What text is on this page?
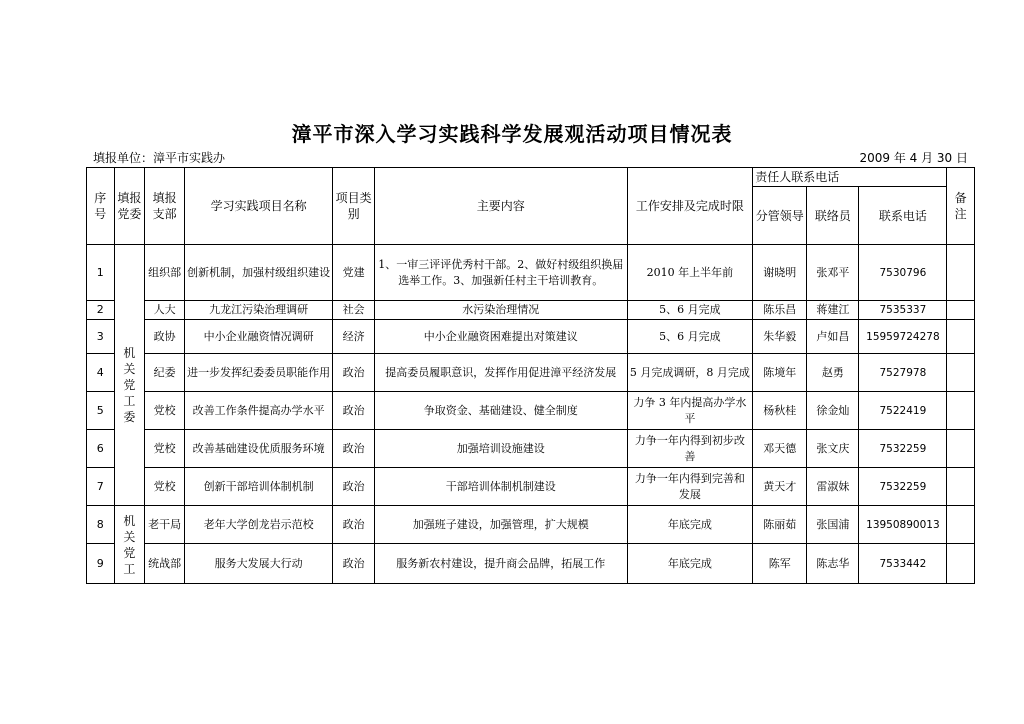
漳平市深入学习实践科学发展观活动项目情况表
填报单位：漳平市实践办	2009 年 4 月 30 日
序号	填报党委	填报支部	学习实践项目名称	项目类别	主要内容	工作安排及完成时限	责任人联系电话			备注
							分管领导	联络员	联系电话	
1	机
关
党
工
委	组织部	创新机制，加强村级组织建设	党建	1、一审三评评优秀村干部。2、做好村级组织换届选举工作。3、加强新任村主干培训教育。	2010 年上半年前	谢晓明	张邓平	7530796	
2		人大	九龙江污染治理调研	社会	水污染治理情况	5、6 月完成	陈乐昌	蒋建江	7535337	
3		政协	中小企业融资情况调研	经济	中小企业融资困难提出对策建议	5、6 月完成	朱华毅	卢如昌	15959724278	
4		纪委	进一步发挥纪委委员职能作用	政治	提高委员履职意识，发挥作用促进漳平经济发展	5 月完成调研，8 月完成	陈境年	赵勇	7527978	
5		党校	改善工作条件提高办学水平	政治	争取资金、基础建设、健全制度	力争 3 年内提高办学水平	杨秋桂	徐金灿	7522419	
6		党校	改善基础建设优质服务环境	政治	加强培训设施建设	力争一年内得到初步改善	邓天德	张文庆	7532259	
7		党校	创新干部培训体制机制	政治	干部培训体制机制建设	力争一年内得到完善和发展	黄天才	雷淑妹	7532259	
8	机
关
党
工	老干局	老年大学创龙岩示范校	政治	加强班子建设，加强管理，扩大规模	年底完成	陈丽茹	张国浦	13950890013	
9		统战部	服务大发展大行动	政治	服务新农村建设，提升商会品牌，拓展工作	年底完成	陈军	陈志华	7533442	
